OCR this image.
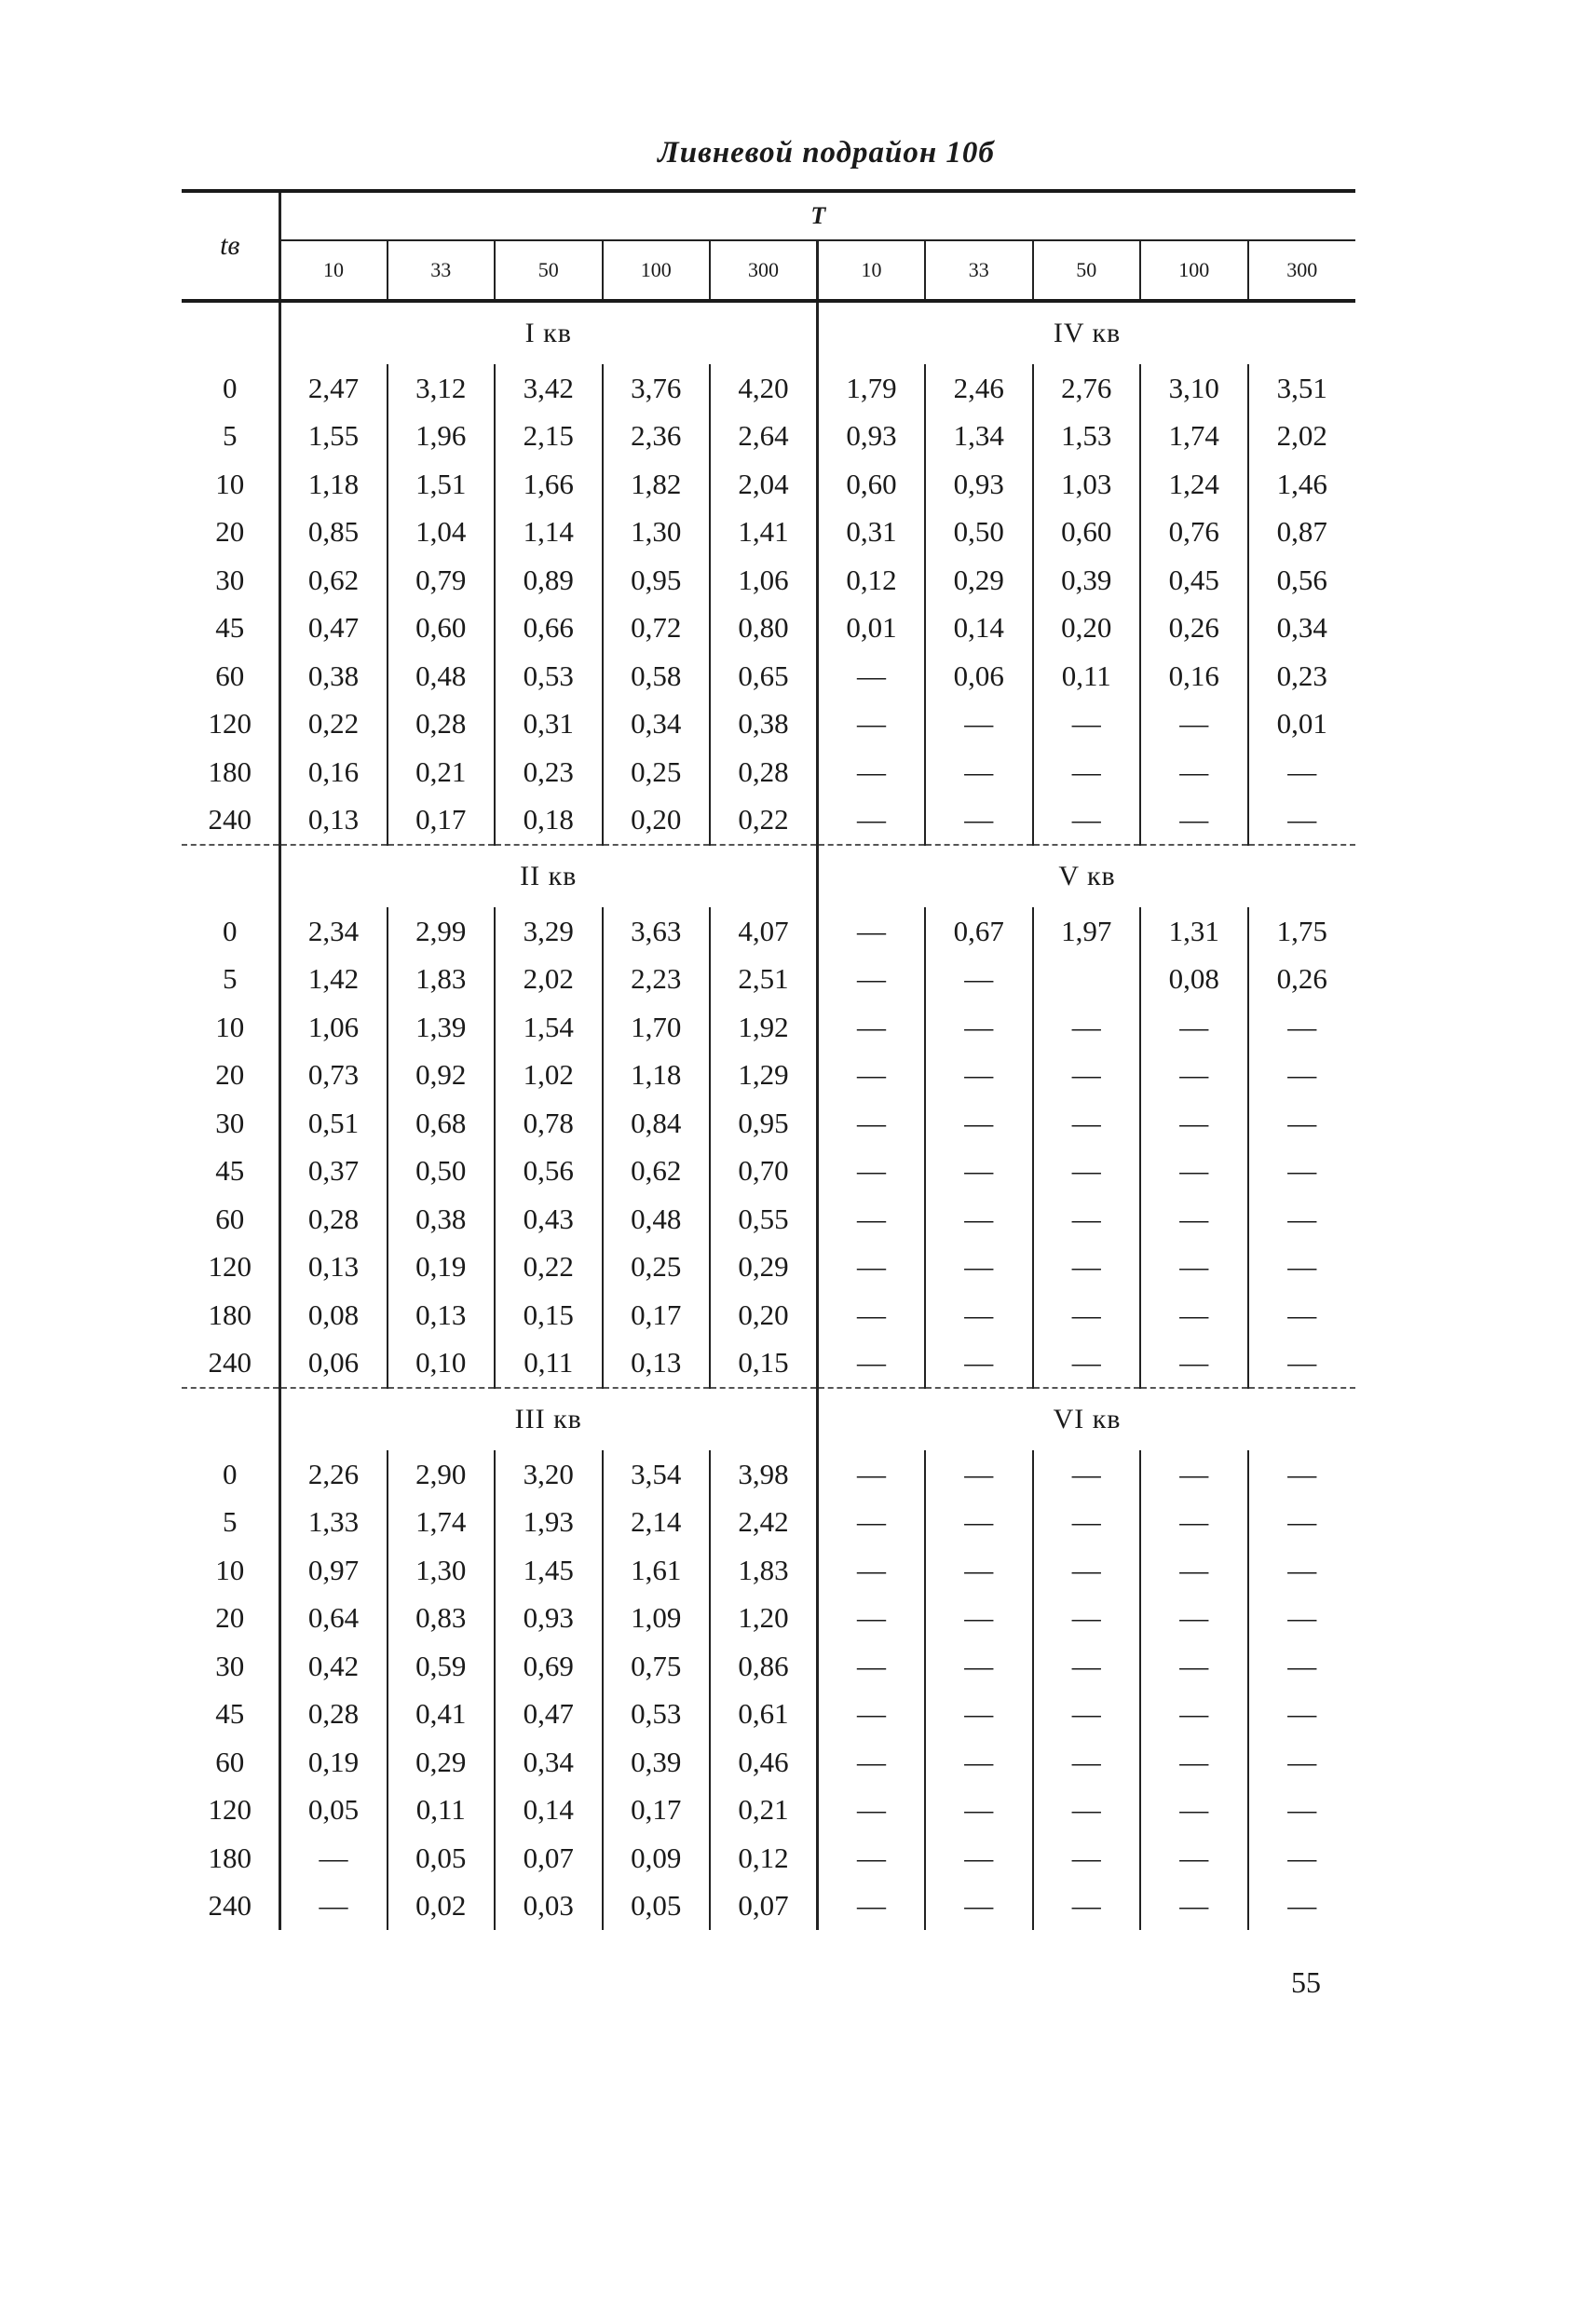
Ливневой подрайон 10б
tв	T									
	10	33	50	100	300	10	33	50	100	300
	I кв					IV кв				
0	2,47	3,12	3,42	3,76	4,20	1,79	2,46	2,76	3,10	3,51
5	1,55	1,96	2,15	2,36	2,64	0,93	1,34	1,53	1,74	2,02
10	1,18	1,51	1,66	1,82	2,04	0,60	0,93	1,03	1,24	1,46
20	0,85	1,04	1,14	1,30	1,41	0,31	0,50	0,60	0,76	0,87
30	0,62	0,79	0,89	0,95	1,06	0,12	0,29	0,39	0,45	0,56
45	0,47	0,60	0,66	0,72	0,80	0,01	0,14	0,20	0,26	0,34
60	0,38	0,48	0,53	0,58	0,65	—	0,06	0,11	0,16	0,23
120	0,22	0,28	0,31	0,34	0,38	—	—	—	—	0,01
180	0,16	0,21	0,23	0,25	0,28	—	—	—	—	—
240	0,13	0,17	0,18	0,20	0,22	—	—	—	—	—
	II кв					V кв				
0	2,34	2,99	3,29	3,63	4,07	—	0,67	1,97	1,31	1,75
5	1,42	1,83	2,02	2,23	2,51	—	—		0,08	0,26
10	1,06	1,39	1,54	1,70	1,92	—	—	—	—	—
20	0,73	0,92	1,02	1,18	1,29	—	—	—	—	—
30	0,51	0,68	0,78	0,84	0,95	—	—	—	—	—
45	0,37	0,50	0,56	0,62	0,70	—	—	—	—	—
60	0,28	0,38	0,43	0,48	0,55	—	—	—	—	—
120	0,13	0,19	0,22	0,25	0,29	—	—	—	—	—
180	0,08	0,13	0,15	0,17	0,20	—	—	—	—	—
240	0,06	0,10	0,11	0,13	0,15	—	—	—	—	—
	III кв					VI кв				
0	2,26	2,90	3,20	3,54	3,98	—	—	—	—	—
5	1,33	1,74	1,93	2,14	2,42	—	—	—	—	—
10	0,97	1,30	1,45	1,61	1,83	—	—	—	—	—
20	0,64	0,83	0,93	1,09	1,20	—	—	—	—	—
30	0,42	0,59	0,69	0,75	0,86	—	—	—	—	—
45	0,28	0,41	0,47	0,53	0,61	—	—	—	—	—
60	0,19	0,29	0,34	0,39	0,46	—	—	—	—	—
120	0,05	0,11	0,14	0,17	0,21	—	—	—	—	—
180	—	0,05	0,07	0,09	0,12	—	—	—	—	—
240	—	0,02	0,03	0,05	0,07	—	—	—	—	—
55
